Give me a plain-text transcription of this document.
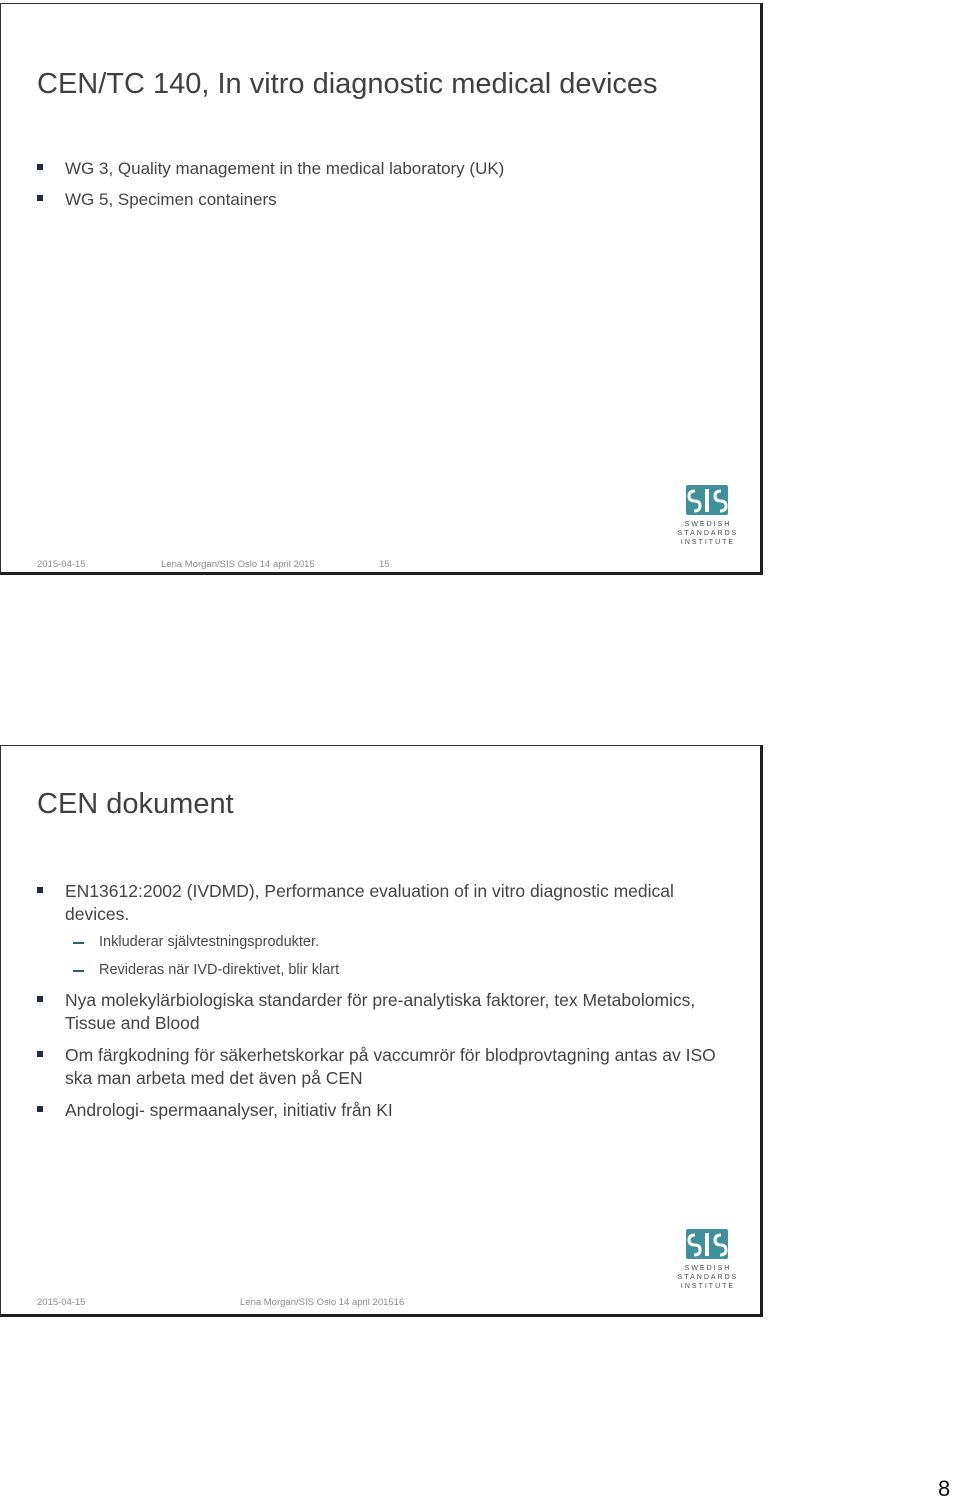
CEN/TC 140, In vitro diagnostic medical devices
WG 3, Quality management in the medical laboratory (UK)
WG 5, Specimen containers
SWEDISH
STANDARDS
INSTITUTE
2015-04-15	Lena Morgan/SIS Oslo 14 april 2015	15
CEN dokument
EN13612:2002 (IVDMD), Performance evaluation of in vitro diagnostic medical devices.
Inkluderar självtestningsprodukter.
Revideras när IVD-direktivet, blir klart
Nya molekylärbiologiska standarder för pre-analytiska faktorer, tex Metabolomics, Tissue and Blood
Om färgkodning för säkerhetskorkar på vaccumrör för blodprovtagning antas av ISO ska man arbeta med det även på CEN
Andrologi- spermaanalyser, initiativ från KI
SWEDISH
STANDARDS
INSTITUTE
2015-04-15	Lena Morgan/SIS Oslo 14 april 201516
8
